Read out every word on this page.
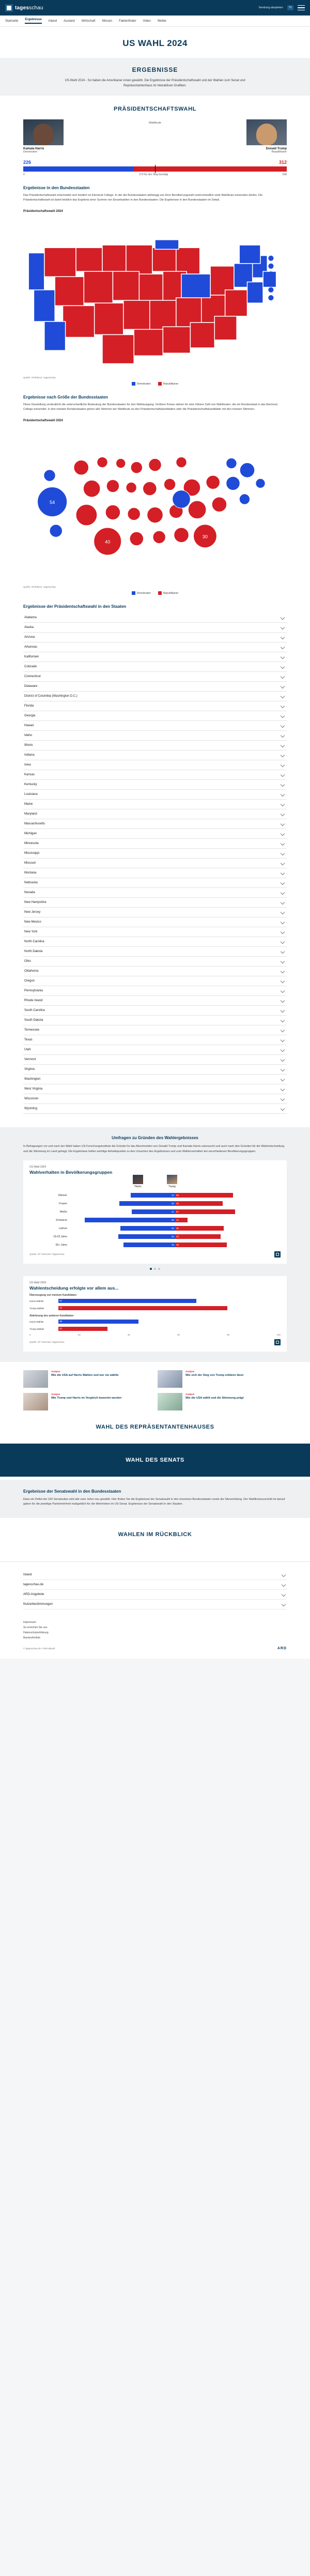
tagesschau	Sendung abspielen	TV
Startseite Ergebnisse Inland Ausland Wirtschaft Wissen Faktenfinder Video Wetter
US WAHL 2024
ERGEBNISSE

US-Wahl 2024 - So haben die Amerikaner·innen gewählt. Die Ergebnisse der Präsidentschaftswahl und der Wahlen zum Senat und Repräsentantenhaus im interaktiven Grafiken.

PRÄSIDENTSCHAFTSWAHL
Kamala Harris
Demokraten
Wahlleute
Donald Trump
Republikaner
226	312
0	270 für den Sieg benötigt	538
Ergebnisse in den Bundesstaaten

Das Präsidentschaftswahl entscheidet sich letztlich im Electoral College. In der die Bundesstaaten abhängig von ihrer Bevölkerungszahl unterschiedlich viele Wahlleute entsenden dürfen. Die Präsidentschaftswahl ist damit letztlich das Ergebnis einer Summe von Einzelwahlen in den Bundesstaaten. Die Ergebnisse in den Bundesstaaten im Detail.

Präsidentschaftswahl 2024
Quelle: AP/Edison / tagesschau
Demokraten	Republikaner
Ergebnisse nach Größe der Bundesstaaten

Diese Darstellung verdeutlicht die unterschiedliche Bedeutung der Bundesstaaten für den Wahlausgang. Größere Kreise stehen für eine höhere Zahl von Wahlleuten, die ein Bundesstaat in das Electoral College entsendet. In den meisten Bundesstaaten gehen alle Stimmen der Wahlleute an den Präsidentschaftskandidaten oder die Präsidentschaftskandidatin mit den meisten Stimmen.

Präsidentschaftswahl 2024
54
40
30
Quelle: AP/Edison / tagesschau
Demokraten	Republikaner
Ergebnisse der Präsidentschaftswahl in den Staaten
Alabama
Alaska
Arizona
Arkansas
Kalifornien
Colorado
Connecticut
Delaware
District of Columbia (Washington D.C.)
Florida
Georgia
Hawaii
Idaho
Illinois
Indiana
Iowa
Kansas
Kentucky
Louisiana
Maine
Maryland
Massachusetts
Michigan
Minnesota
Mississippi
Missouri
Montana
Nebraska
Nevada
New Hampshire
New Jersey
New Mexico
New York
North Carolina
North Dakota
Ohio
Oklahoma
Oregon
Pennsylvania
Rhode Island
South Carolina
South Dakota
Tennessee
Texas
Utah
Vermont
Virginia
Washington
West Virginia
Wisconsin
Wyoming
Umfragen zu Gründen des Wahlergebnisses

In Befragungen vor und nach der Wahl haben US-Forschungsinstitute die Gründe für das Abschneiden von Donald Trump und Kamala Harris untersucht und auch nach den Gründen für die Wahlentscheidung und die Stimmung im Land gefragt. Die Ergebnisse helfen wichtige Anhaltspunkte zu den Ursachen des Ergebnisses und zum Wählerverhalten bei verschiedenen Bevölkerungsgruppen.

US Wahl 2024
Wahlverhalten in Bevölkerungsgruppen
Harris	Trump
Männer	42 55
Frauen	53 45
Weiße	41 57
Schwarze	86 12
Latinos	52 46
18-29 Jahre	54 43
65+ Jahre	49 49
Quelle: AP VoteCast / tagesschau
US Wahl 2024
Wahlentscheidung erfolgte vor allem aus...
Überzeugung von meinem Kandidaten
Harris-Wähler	62
Trump-Wähler	76
Ablehnung des anderen Kandidaten
Harris-Wähler	36
Trump-Wähler	22
0	20	40	60	80	100
Quelle: AP VoteCast / tagesschau
Analyse
Wie die USA auf Harris Wahlen und wer sie wählte
Analyse
Wie sich der Sieg von Trump erklären lässt
Analyse
Wie Trump und Harris im Vergleich bewertet wurden
Analyse
Wie die USA wählt und die Stimmung prägt
WAHL DES REPRÄSENTANTENHAUSES
WAHL DES SENATS
Ergebnisse der Senatswahl in den Bundesstaaten

Etwa ein Drittel der 100 Senatssitze wird alle zwei Jahre neu gewählt. Hier finden Sie die Ergebnisse der Senatswahl in den einzelnen Bundesstaaten sowie die Sitzverteilung. Der Wahlkreiszuschnitt ist darauf gaben für die jeweilige Parteimehrheit maßgeblich für die Mehrheiten im US-Senat. Ergebnisse der Senatswahl in den Staaten.

WAHLEN IM RÜCKBLICK
Inland
tagesschau.de
ARD-Angebote
Nutzerbestimmungen
Impressum
So erreichen Sie uns
Datenschutzerklärung
Barrierefreiheit
© tagesschau.de / ARD-aktuell	ARD
